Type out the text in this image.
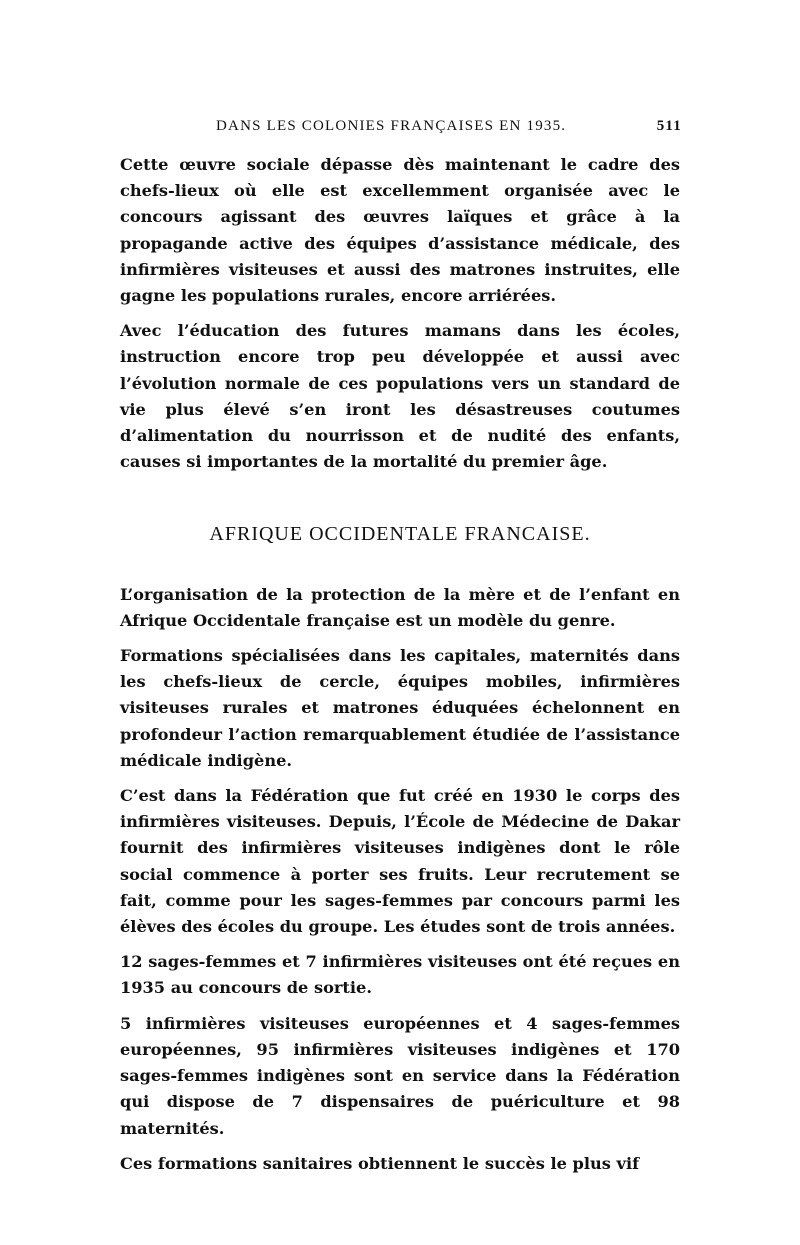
DANS LES COLONIES FRANÇAISES EN 1935.	511

Cette œuvre sociale dépasse dès maintenant le cadre des chefs-lieux où elle est excellemment organisée avec le concours agissant des œuvres laïques et grâce à la propagande active des équipes d’assistance médicale, des infirmières visiteuses et aussi des matrones instruites, elle gagne les populations rurales, encore arriérées.

Avec l’éducation des futures mamans dans les écoles, instruction encore trop peu développée et aussi avec l’évolution normale de ces populations vers un standard de vie plus élevé s’en iront les désastreuses coutumes d’alimentation du nourrisson et de nudité des enfants, causes si importantes de la mortalité du premier âge.

AFRIQUE OCCIDENTALE FRANCAISE.

L’organisation de la protection de la mère et de l’enfant en Afrique Occidentale française est un modèle du genre.

Formations spécialisées dans les capitales, maternités dans les chefs-lieux de cercle, équipes mobiles, infirmières visiteuses rurales et matrones éduquées échelonnent en profondeur l’action remarquablement étudiée de l’assistance médicale indigène.

C’est dans la Fédération que fut créé en 1930 le corps des infirmières visiteuses. Depuis, l’École de Médecine de Dakar fournit des infirmières visiteuses indigènes dont le rôle social commence à porter ses fruits. Leur recrutement se fait, comme pour les sages-femmes par concours parmi les élèves des écoles du groupe. Les études sont de trois années.

12 sages-femmes et 7 infirmières visiteuses ont été reçues en 1935 au concours de sortie.

5 infirmières visiteuses européennes et 4 sages-femmes européennes, 95 infirmières visiteuses indigènes et 170 sages-femmes indigènes sont en service dans la Fédération qui dispose de 7 dispensaires de puériculture et 98 maternités.

Ces formations sanitaires obtiennent le succès le plus vif
